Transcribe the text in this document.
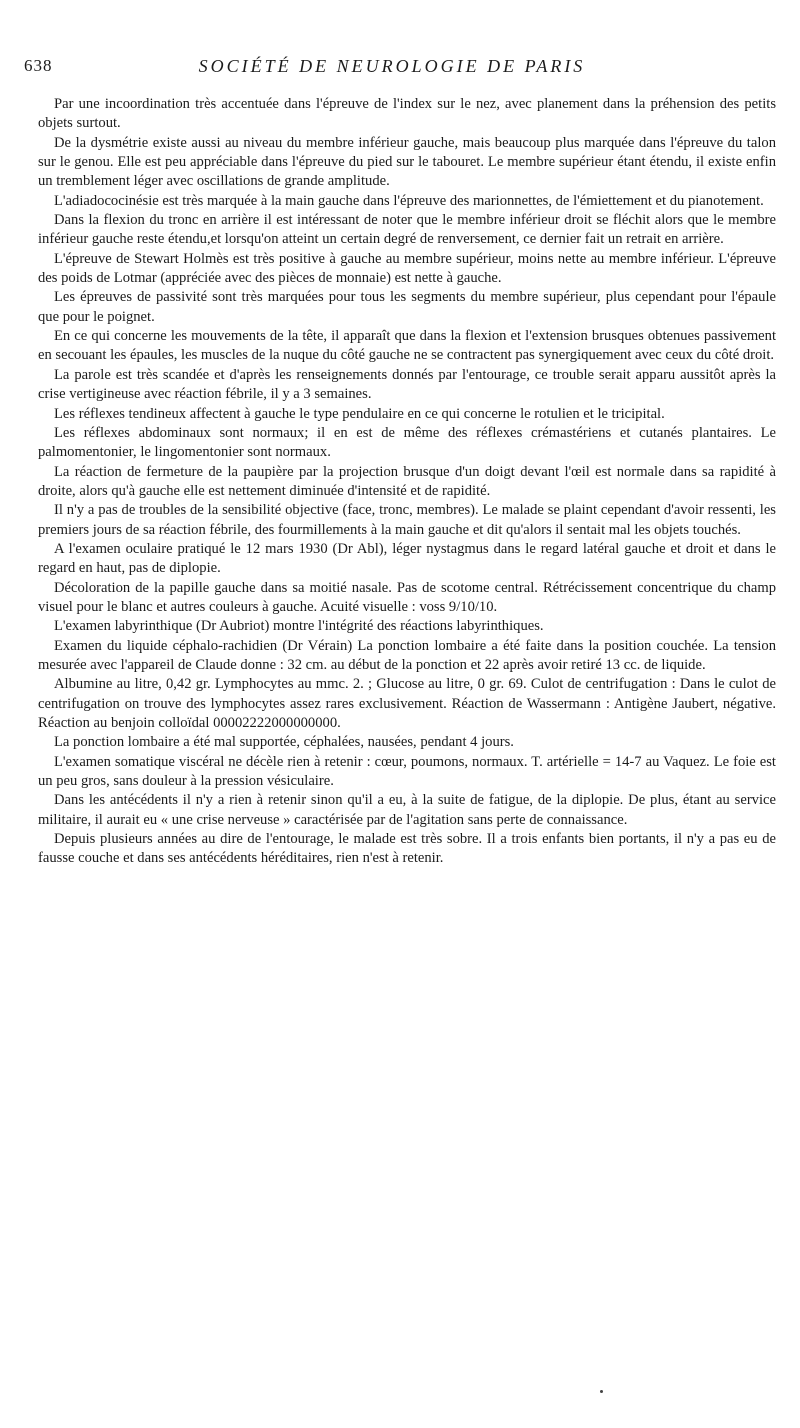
638	SOCIÉTÉ DE NEUROLOGIE DE PARIS

Par une incoordination très accentuée dans l'épreuve de l'index sur le nez, avec planement dans la préhension des petits objets surtout.

De la dysmétrie existe aussi au niveau du membre inférieur gauche, mais beaucoup plus marquée dans l'épreuve du talon sur le genou. Elle est peu appréciable dans l'épreuve du pied sur le tabouret. Le membre supérieur étant étendu, il existe enfin un tremblement léger avec oscillations de grande amplitude.

L'adiadococinésie est très marquée à la main gauche dans l'épreuve des marionnettes, de l'émiettement et du pianotement.

Dans la flexion du tronc en arrière il est intéressant de noter que le membre inférieur droit se fléchit alors que le membre inférieur gauche reste étendu,et lorsqu'on atteint un certain degré de renversement, ce dernier fait un retrait en arrière.

L'épreuve de Stewart Holmès est très positive à gauche au membre supérieur, moins nette au membre inférieur. L'épreuve des poids de Lotmar (appréciée avec des pièces de monnaie) est nette à gauche.

Les épreuves de passivité sont très marquées pour tous les segments du membre supérieur, plus cependant pour l'épaule que pour le poignet.

En ce qui concerne les mouvements de la tête, il apparaît que dans la flexion et l'extension brusques obtenues passivement en secouant les épaules, les muscles de la nuque du côté gauche ne se contractent pas synergiquement avec ceux du côté droit.

La parole est très scandée et d'après les renseignements donnés par l'entourage, ce trouble serait apparu aussitôt après la crise vertigineuse avec réaction fébrile, il y a 3 semaines.

Les réflexes tendineux affectent à gauche le type pendulaire en ce qui concerne le rotulien et le tricipital.

Les réflexes abdominaux sont normaux; il en est de même des réflexes crémastériens et cutanés plantaires. Le palmomentonier, le lingomentonier sont normaux.

La réaction de fermeture de la paupière par la projection brusque d'un doigt devant l'œil est normale dans sa rapidité à droite, alors qu'à gauche elle est nettement diminuée d'intensité et de rapidité.

Il n'y a pas de troubles de la sensibilité objective (face, tronc, membres). Le malade se plaint cependant d'avoir ressenti, les premiers jours de sa réaction fébrile, des fourmillements à la main gauche et dit qu'alors il sentait mal les objets touchés.

A l'examen oculaire pratiqué le 12 mars 1930 (Dr Abl), léger nystagmus dans le regard latéral gauche et droit et dans le regard en haut, pas de diplopie.

Décoloration de la papille gauche dans sa moitié nasale. Pas de scotome central. Rétrécissement concentrique du champ visuel pour le blanc et autres couleurs à gauche. Acuité visuelle : voss 9/10/10.

L'examen labyrinthique (Dr Aubriot) montre l'intégrité des réactions labyrinthiques.

Examen du liquide céphalo-rachidien (Dr Vérain) La ponction lombaire a été faite dans la position couchée. La tension mesurée avec l'appareil de Claude donne : 32 cm. au début de la ponction et 22 après avoir retiré 13 cc. de liquide.

Albumine au litre, 0,42 gr. Lymphocytes au mmc. 2. ; Glucose au litre, 0 gr. 69. Culot de centrifugation : Dans le culot de centrifugation on trouve des lymphocytes assez rares exclusivement. Réaction de Wassermann : Antigène Jaubert, négative. Réaction au benjoin colloïdal 00002222000000000.

La ponction lombaire a été mal supportée, céphalées, nausées, pendant 4 jours.

L'examen somatique viscéral ne décèle rien à retenir : cœur, poumons, normaux. T. artérielle = 14-7 au Vaquez. Le foie est un peu gros, sans douleur à la pression vésiculaire.

Dans les antécédents il n'y a rien à retenir sinon qu'il a eu, à la suite de fatigue, de la diplopie. De plus, étant au service militaire, il aurait eu « une crise nerveuse » caractérisée par de l'agitation sans perte de connaissance.

Depuis plusieurs années au dire de l'entourage, le malade est très sobre. Il a trois enfants bien portants, il n'y a pas eu de fausse couche et dans ses antécédents héréditaires, rien n'est à retenir.
